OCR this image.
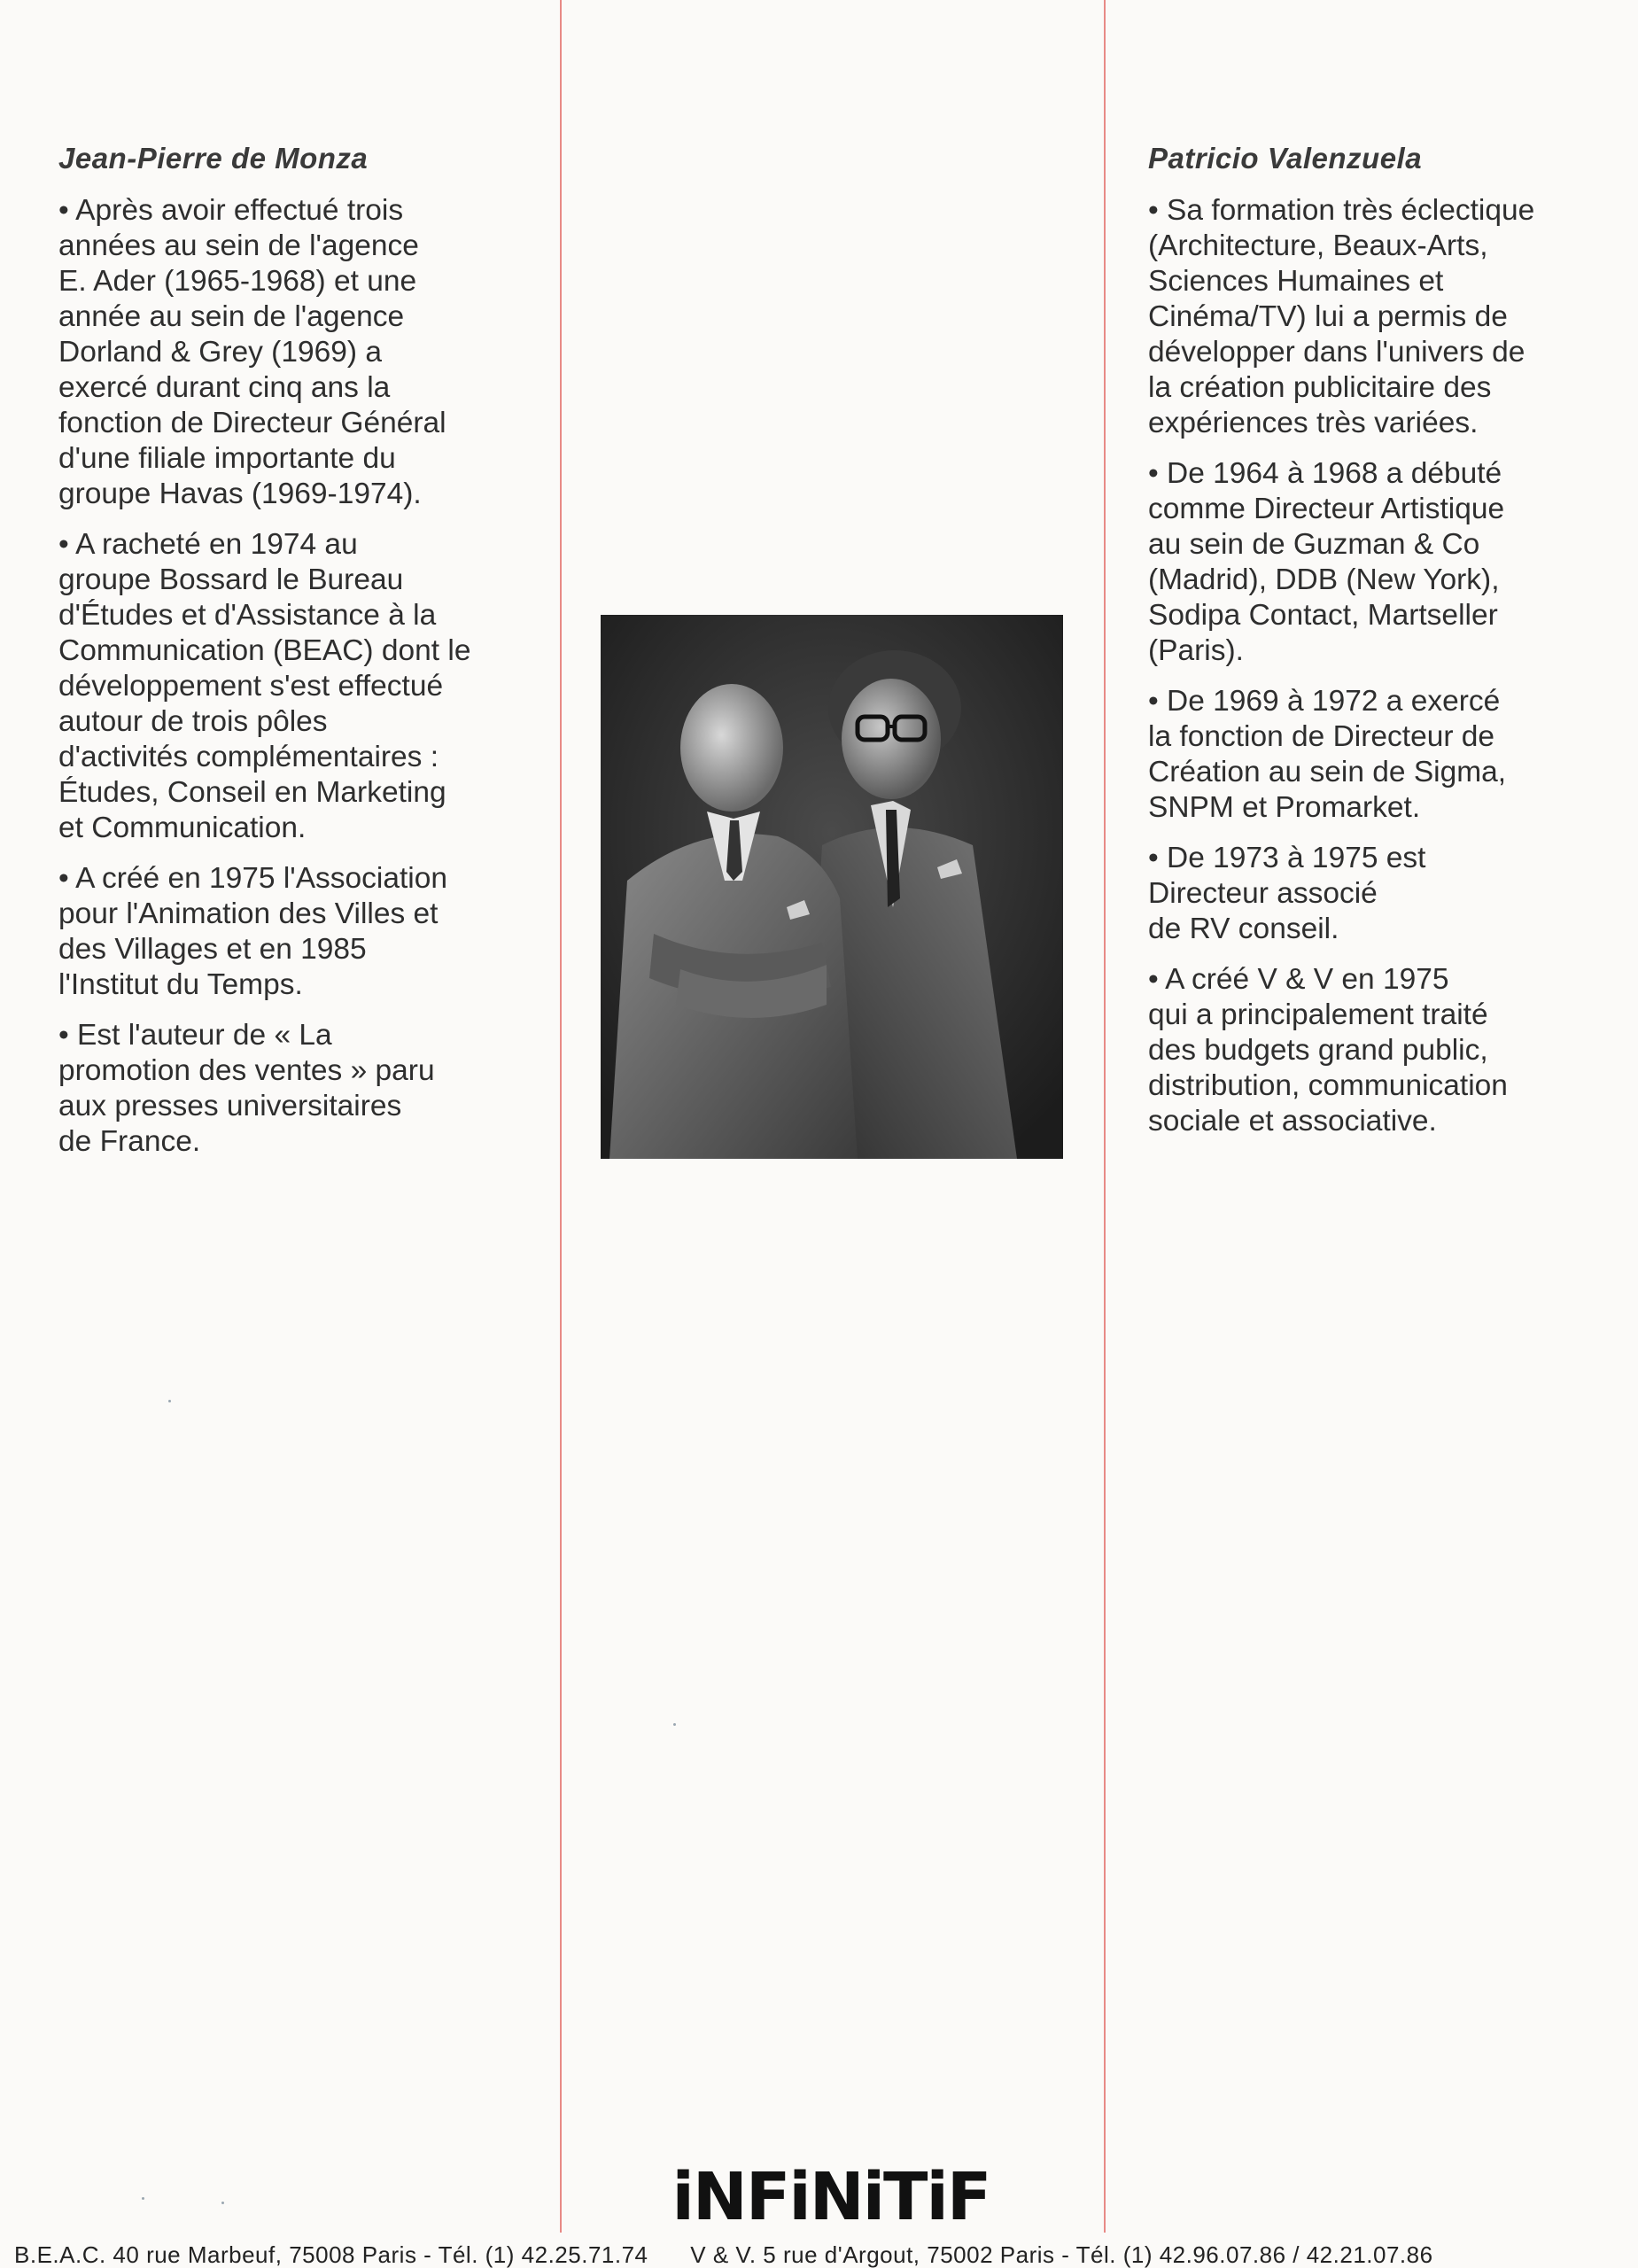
Jean-Pierre de Monza
• Après avoir effectué trois
années au sein de l'agence
E. Ader (1965-1968) et une
année au sein de l'agence
Dorland & Grey (1969) a
exercé durant cinq ans la
fonction de Directeur Général
d'une filiale importante du
groupe Havas (1969-1974).
• A racheté en 1974 au
groupe Bossard le Bureau
d'Études et d'Assistance à la
Communication (BEAC) dont le
développement s'est effectué
autour de trois pôles
d'activités complémentaires :
Études, Conseil en Marketing
et Communication.
• A créé en 1975 l'Association
pour l'Animation des Villes et
des Villages et en 1985
l'Institut du Temps.
• Est l'auteur de « La
promotion des ventes » paru
aux presses universitaires
de France.
Patricio Valenzuela
• Sa formation très éclectique
(Architecture, Beaux-Arts,
Sciences Humaines et
Cinéma/TV) lui a permis de
développer dans l'univers de
la création publicitaire des
expériences très variées.
• De 1964 à 1968 a débuté
comme Directeur Artistique
au sein de Guzman & Co
(Madrid), DDB (New York),
Sodipa Contact, Martseller
(Paris).
• De 1969 à 1972 a exercé
la fonction de Directeur de
Création au sein de Sigma,
SNPM et Promarket.
• De 1973 à 1975 est
Directeur associé
de RV conseil.
• A créé V & V en 1975
qui a principalement traité
des budgets grand public,
distribution, communication
sociale et associative.
iNFiNiTiF
B.E.A.C. 40 rue Marbeuf, 75008 Paris - Tél. (1) 42.25.71.74 V & V. 5 rue d'Argout, 75002 Paris - Tél. (1) 42.96.07.86 / 42.21.07.86
